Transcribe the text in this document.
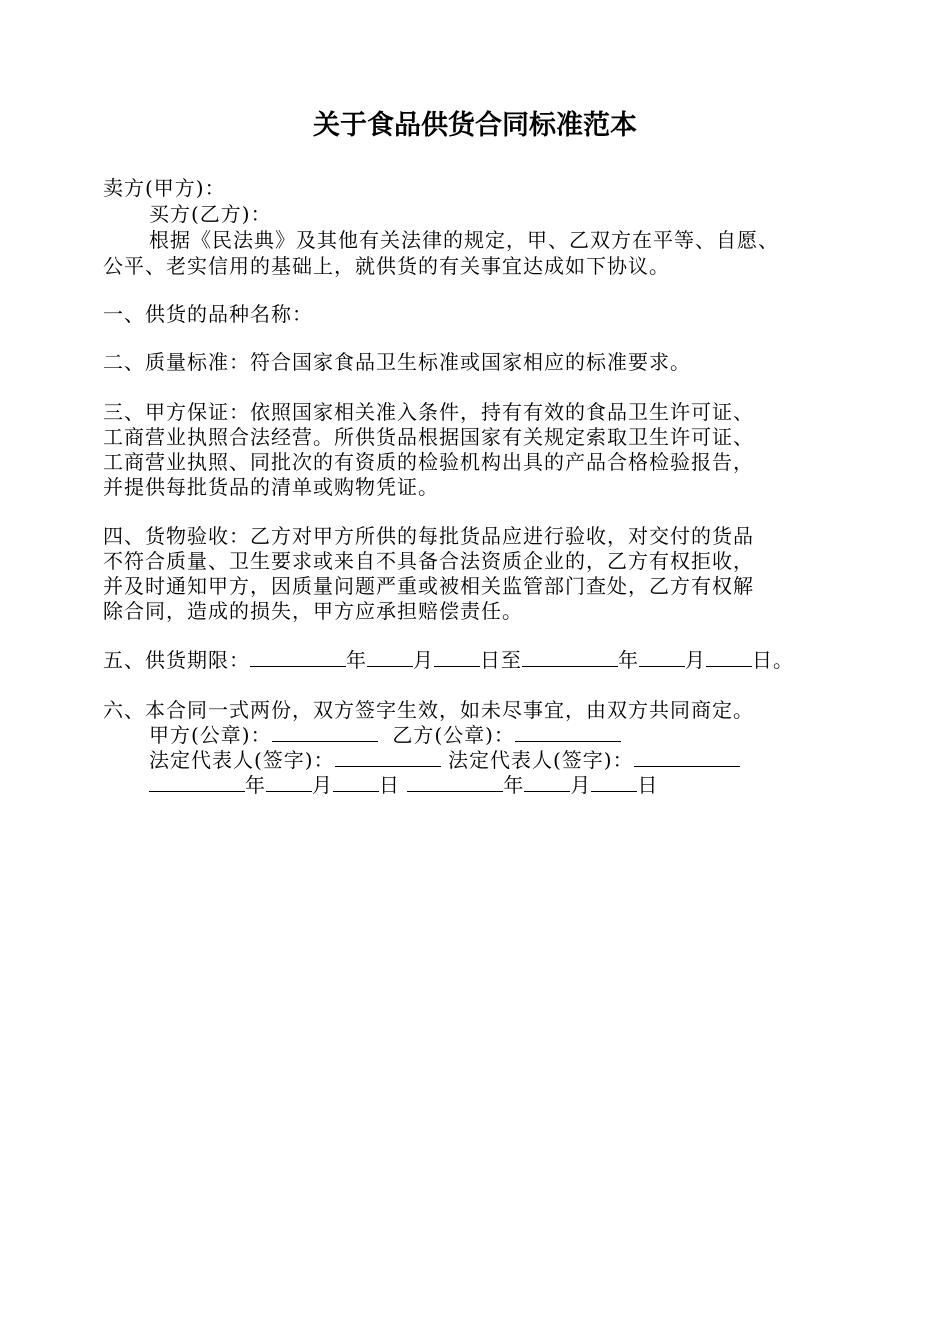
关于食品供货合同标准范本
卖方(甲方)：
买方(乙方)：
根据《民法典》及其他有关法律的规定，甲、乙双方在平等、自愿、
公平、老实信用的基础上，就供货的有关事宜达成如下协议。
一、供货的品种名称：
二、质量标准：符合国家食品卫生标准或国家相应的标准要求。
三、甲方保证：依照国家相关准入条件，持有有效的食品卫生许可证、
工商营业执照合法经营。所供货品根据国家有关规定索取卫生许可证、
工商营业执照、同批次的有资质的检验机构出具的产品合格检验报告，
并提供每批货品的清单或购物凭证。
四、货物验收：乙方对甲方所供的每批货品应进行验收，对交付的货品
不符合质量、卫生要求或来自不具备合法资质企业的，乙方有权拒收，
并及时通知甲方，因质量问题严重或被相关监管部门查处，乙方有权解
除合同，造成的损失，甲方应承担赔偿责任。
五、供货期限：	年 月 日至	年 月 日。
六、本合同一式两份，双方签字生效，如未尽事宜，由双方共同商定。
甲方(公章)：	乙方(公章)：
法定代表人(签字)：	法定代表人(签字)：
年 月 日	年 月 日
